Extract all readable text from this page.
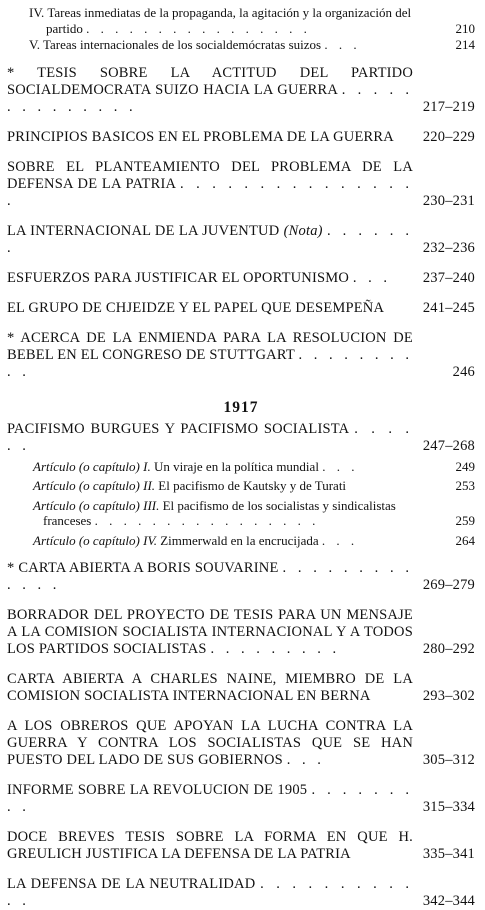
IV. Tareas inmediatas de la propaganda, la agitación y la organización del partido . . . . . . . . . . . . . . . .	210
V. Tareas internacionales de los socialdemócratas suizos . . .	214
* TESIS SOBRE LA ACTITUD DEL PARTIDO SOCIALDEMOCRATA SUIZO HACIA LA GUERRA . . . . . . . . . . . . . .	217–219
PRINCIPIOS BASICOS EN EL PROBLEMA DE LA GUERRA	220–229
SOBRE EL PLANTEAMIENTO DEL PROBLEMA DE LA DEFENSA DE LA PATRIA . . . . . . . . . . . . . . . .	230–231
LA INTERNACIONAL DE LA JUVENTUD (Nota) . . . . . . .	232–236
ESFUERZOS PARA JUSTIFICAR EL OPORTUNISMO . . .	237–240
EL GRUPO DE CHJEIDZE Y EL PAPEL QUE DESEMPEÑA	241–245
* ACERCA DE LA ENMIENDA PARA LA RESOLUCION DE BEBEL EN EL CONGRESO DE STUTTGART . . . . . . . . . .	246
1917
PACIFISMO BURGUES Y PACIFISMO SOCIALISTA . . . . . .	247–268
Artículo (o capítulo) I. Un viraje en la política mundial . . .	249
Artículo (o capítulo) II. El pacifismo de Kautsky y de Turati	253
Artículo (o capítulo) III. El pacifismo de los socialistas y sindicalistas franceses . . . . . . . . . . . . . . . .	259
Artículo (o capítulo) IV. Zimmerwald en la encrucijada . . .	264
* CARTA ABIERTA A BORIS SOUVARINE . . . . . . . . . . . . .	269–279
BORRADOR DEL PROYECTO DE TESIS PARA UN MENSAJE A LA COMISION SOCIALISTA INTERNACIONAL Y A TODOS LOS PARTIDOS SOCIALISTAS . . . . . . . . .	280–292
CARTA ABIERTA A CHARLES NAINE, MIEMBRO DE LA COMISION SOCIALISTA INTERNACIONAL EN BERNA	293–302
A LOS OBREROS QUE APOYAN LA LUCHA CONTRA LA GUERRA Y CONTRA LOS SOCIALISTAS QUE SE HAN PUESTO DEL LADO DE SUS GOBIERNOS . . .	305–312
INFORME SOBRE LA REVOLUCION DE 1905 . . . . . . . . .	315–334
DOCE BREVES TESIS SOBRE LA FORMA EN QUE H. GREULICH JUSTIFICA LA DEFENSA DE LA PATRIA	335–341
LA DEFENSA DE LA NEUTRALIDAD . . . . . . . . . . . .	342–344
